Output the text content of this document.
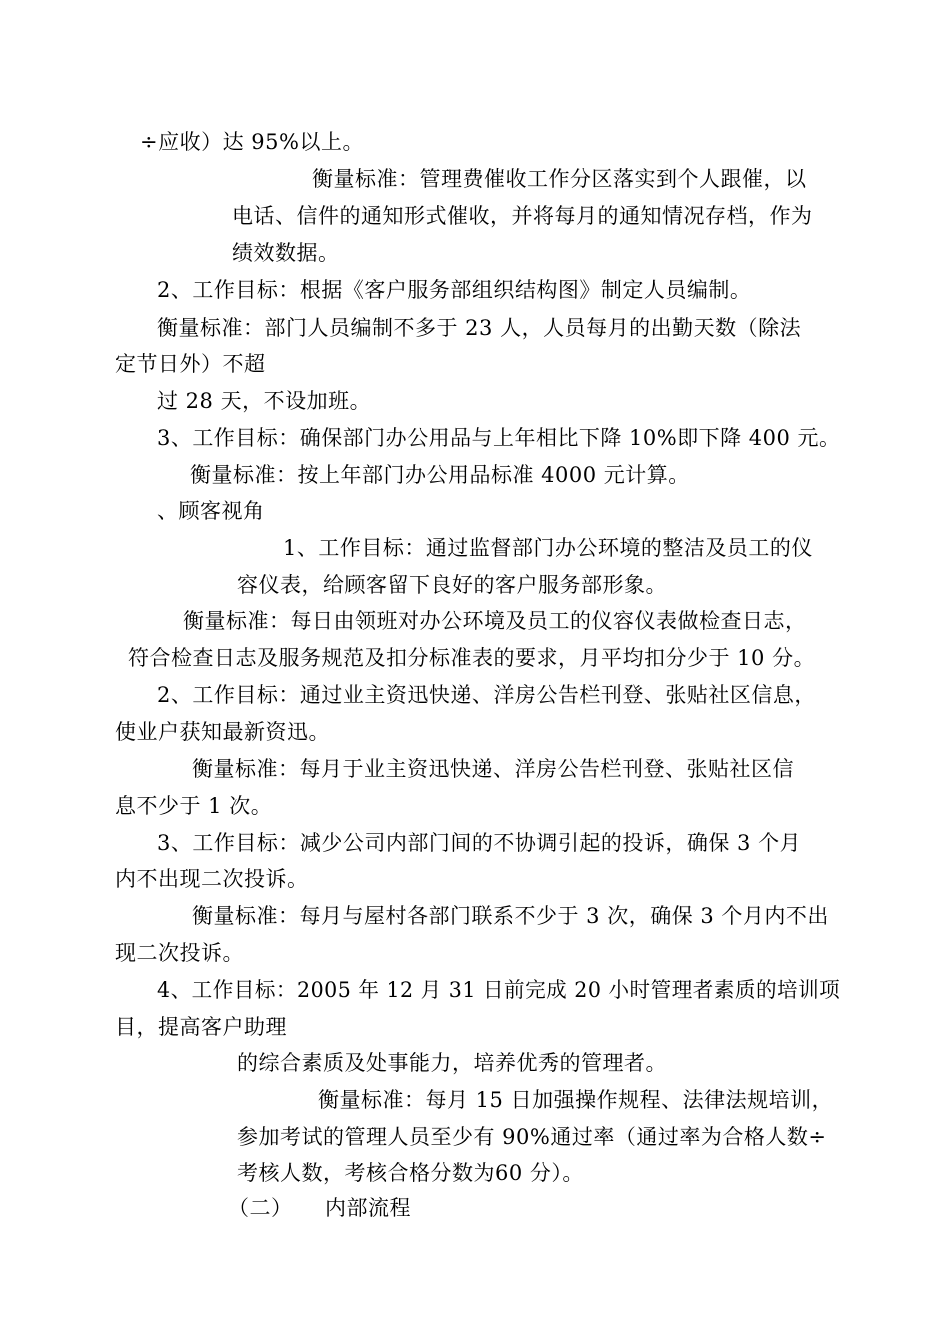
÷应收）达 95%以上。
衡量标准：管理费催收工作分区落实到个人跟催，以
电话、信件的通知形式催收，并将每月的通知情况存档，作为
绩效数据。
2、工作目标：根据《客户服务部组织结构图》制定人员编制。
衡量标准：部门人员编制不多于 23 人，人员每月的出勤天数（除法
定节日外）不超
过 28 天，不设加班。
3、工作目标：确保部门办公用品与上年相比下降 10%即下降 400 元。
衡量标准：按上年部门办公用品标准 4000 元计算。
、顾客视角
1、工作目标：通过监督部门办公环境的整洁及员工的仪
容仪表，给顾客留下良好的客户服务部形象。
衡量标准：每日由领班对办公环境及员工的仪容仪表做检查日志，
符合检查日志及服务规范及扣分标准表的要求，月平均扣分少于 10 分。
2、工作目标：通过业主资迅快递、洋房公告栏刊登、张贴社区信息，
使业户获知最新资迅。
衡量标准：每月于业主资迅快递、洋房公告栏刊登、张贴社区信
息不少于 1 次。
3、工作目标：减少公司内部门间的不协调引起的投诉，确保 3 个月
内不出现二次投诉。
衡量标准：每月与屋村各部门联系不少于 3 次，确保 3 个月内不出
现二次投诉。
4、工作目标：2005 年 12 月 31 日前完成 20 小时管理者素质的培训项
目，提高客户助理
的综合素质及处事能力，培养优秀的管理者。
衡量标准：每月 15 日加强操作规程、法律法规培训，
参加考试的管理人员至少有 90%通过率（通过率为合格人数÷
考核人数，考核合格分数为60 分）。
（二）　　内部流程
